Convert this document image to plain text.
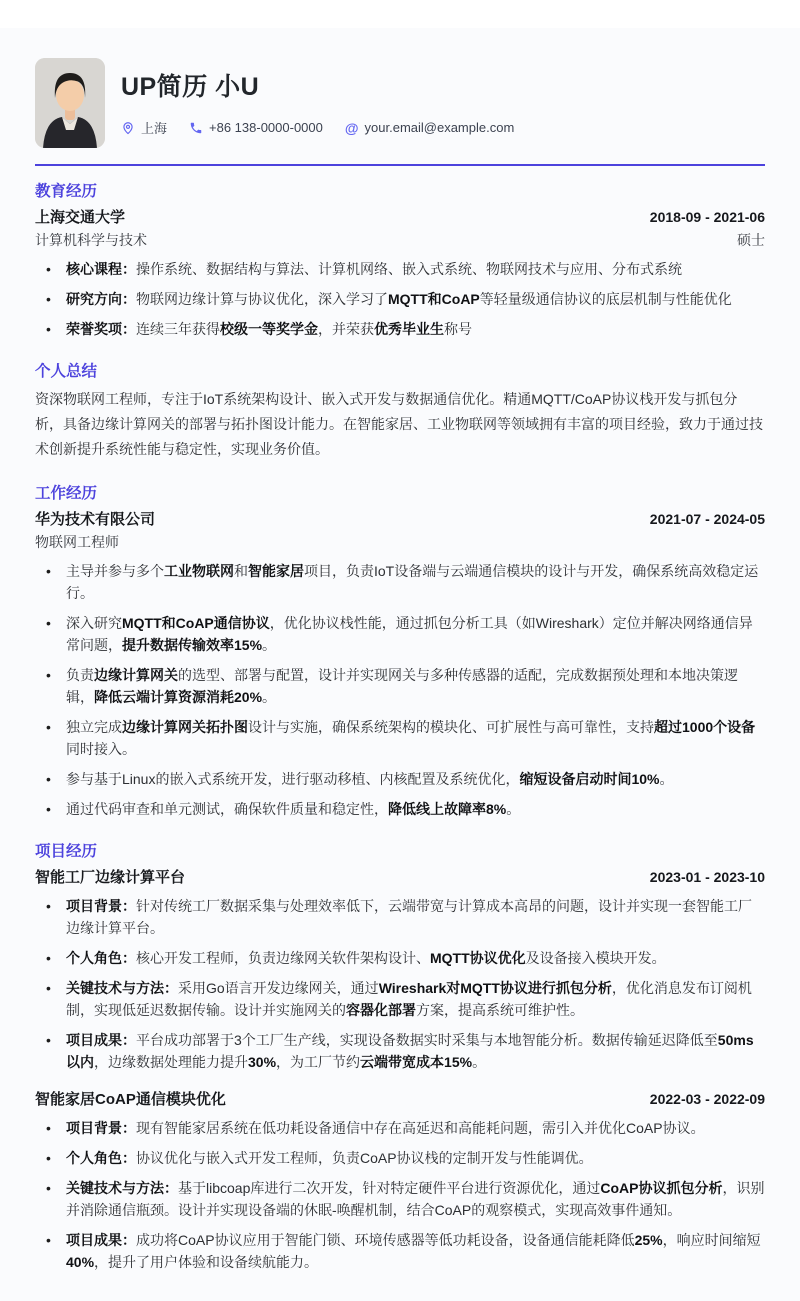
UP简历 小U
上海	+86 138-0000-0000 @ your.email@example.com
教育经历
上海交通大学	2018-09 - 2021-06
计算机科学与技术	硕士
• 核心课程：操作系统、数据结构与算法、计算机网络、嵌入式系统、物联网技术与应用、分布式系统
• 研究方向：物联网边缘计算与协议优化，深入学习了MQTT和CoAP等轻量级通信协议的底层机制与性能优化
• 荣誉奖项：连续三年获得校级一等奖学金，并荣获优秀毕业生称号
个人总结

资深物联网工程师，专注于IoT系统架构设计、嵌入式开发与数据通信优化。精通MQTT/CoAP协议栈开发与抓包分析，具备边缘计算网关的部署与拓扑图设计能力。在智能家居、工业物联网等领域拥有丰富的项目经验，致力于通过技术创新提升系统性能与稳定性，实现业务价值。

工作经历
华为技术有限公司	2021-07 - 2024-05
物联网工程师
• 主导并参与多个工业物联网和智能家居项目，负责IoT设备端与云端通信模块的设计与开发，确保系统高效稳定运行。
• 深入研究MQTT和CoAP通信协议，优化协议栈性能，通过抓包分析工具（如Wireshark）定位并解决网络通信异常问题，提升数据传输效率15%。
• 负责边缘计算网关的选型、部署与配置，设计并实现网关与多种传感器的适配，完成数据预处理和本地决策逻辑，降低云端计算资源消耗20%。
• 独立完成边缘计算网关拓扑图设计与实施，确保系统架构的模块化、可扩展性与高可靠性，支持超过1000个设备同时接入。
• 参与基于Linux的嵌入式系统开发，进行驱动移植、内核配置及系统优化，缩短设备启动时间10%。
• 通过代码审查和单元测试，确保软件质量和稳定性，降低线上故障率8%。
项目经历
智能工厂边缘计算平台	2023-01 - 2023-10
• 项目背景：针对传统工厂数据采集与处理效率低下，云端带宽与计算成本高昂的问题，设计并实现一套智能工厂边缘计算平台。
• 个人角色：核心开发工程师，负责边缘网关软件架构设计、MQTT协议优化及设备接入模块开发。
• 关键技术与方法：采用Go语言开发边缘网关，通过Wireshark对MQTT协议进行抓包分析，优化消息发布订阅机制，实现低延迟数据传输。设计并实施网关的容器化部署方案，提高系统可维护性。
• 项目成果：平台成功部署于3个工厂生产线，实现设备数据实时采集与本地智能分析。数据传输延迟降低至50ms以内，边缘数据处理能力提升30%，为工厂节约云端带宽成本15%。
智能家居CoAP通信模块优化	2022-03 - 2022-09
• 项目背景：现有智能家居系统在低功耗设备通信中存在高延迟和高能耗问题，需引入并优化CoAP协议。
• 个人角色：协议优化与嵌入式开发工程师，负责CoAP协议栈的定制开发与性能调优。
• 关键技术与方法：基于libcoap库进行二次开发，针对特定硬件平台进行资源优化，通过CoAP协议抓包分析，识别并消除通信瓶颈。设计并实现设备端的休眠-唤醒机制，结合CoAP的观察模式，实现高效事件通知。
• 项目成果：成功将CoAP协议应用于智能门锁、环境传感器等低功耗设备，设备通信能耗降低25%，响应时间缩短40%，提升了用户体验和设备续航能力。
